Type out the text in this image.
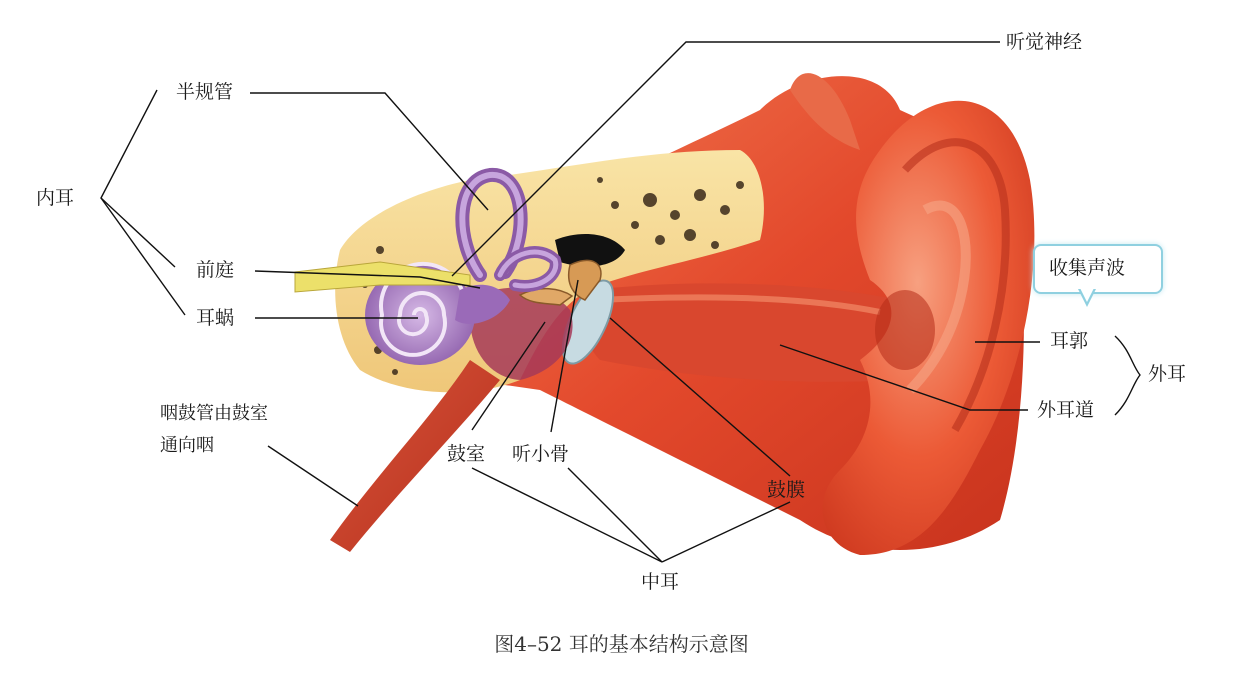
半规管
听觉神经
内耳
前庭
耳蜗
咽鼓管由鼓室
通向咽	鼓室 听小骨
鼓膜
中耳
耳郭
外耳道
外耳
收集声波
图4–52 耳的基本结构示意图
